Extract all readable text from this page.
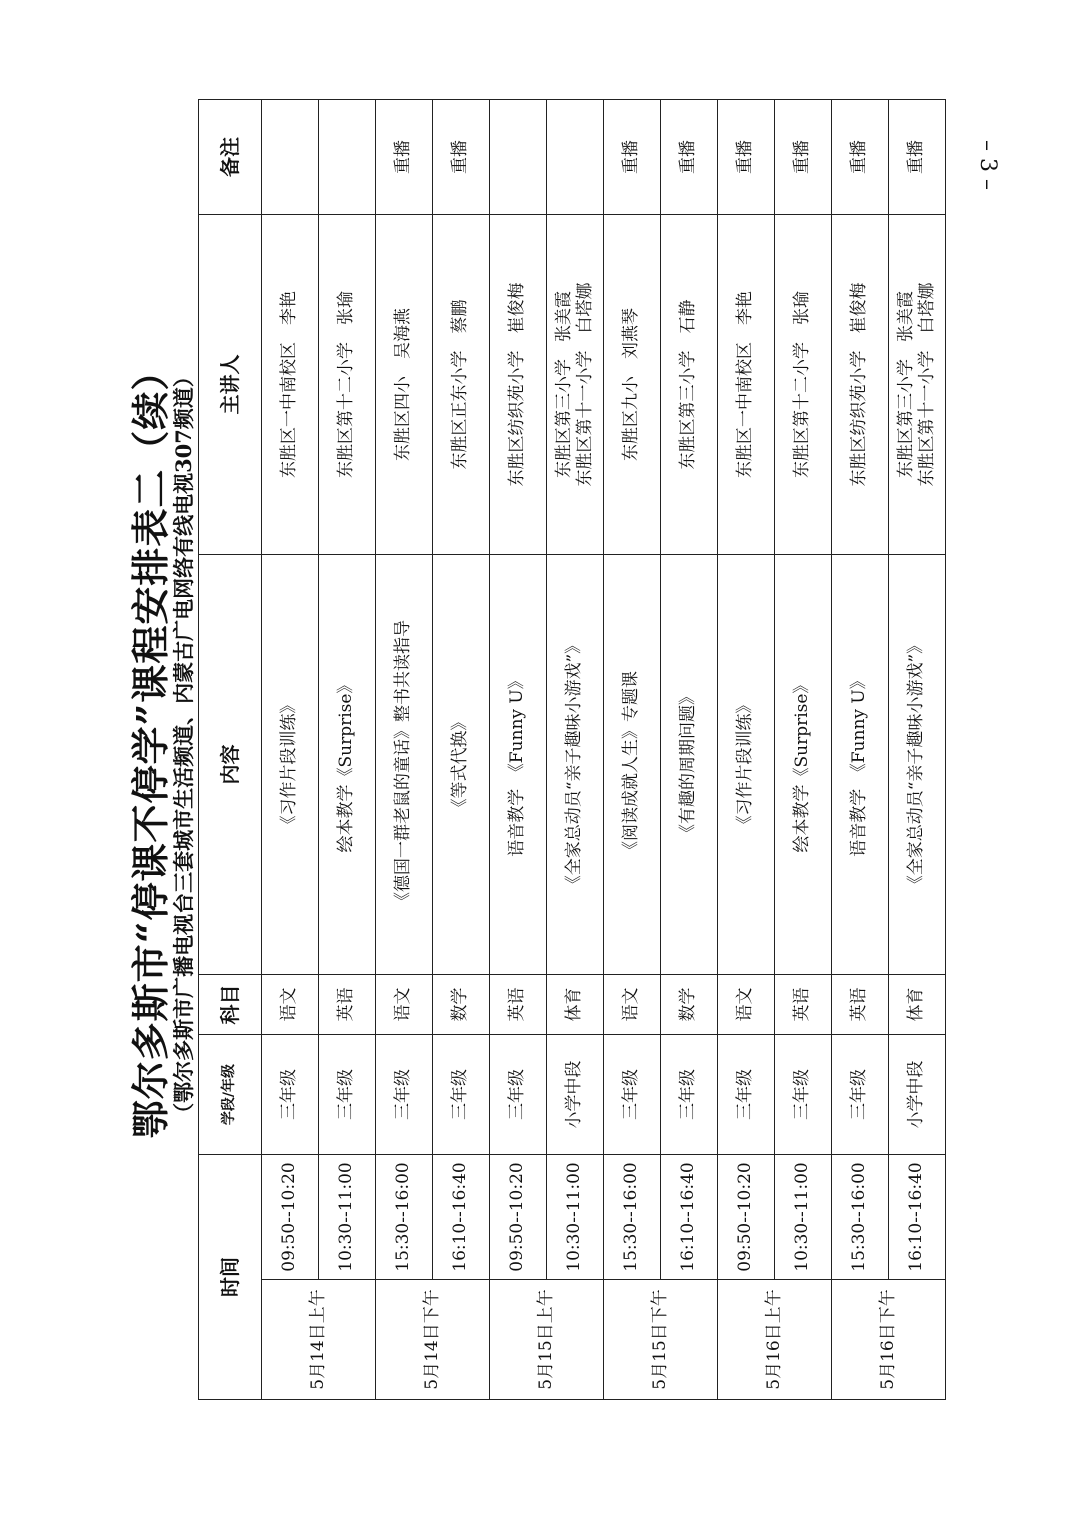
鄂尔多斯市“停课不停学”课程安排表二（续）
（鄂尔多斯市广播电视台三套城市生活频道、内蒙古广电网络有线电视307频道）
时间		学段/年级	科目	内容	主讲人	备注
5月14日上午	09:50--10:20	三年级	语文	《习作片段训练》	东胜区一中南校区　李艳	

	10:30--11:00	三年级	英语	绘本教学《Surprise》	东胜区第十二小学　张瑜	

5月14日下午	15:30--16:00	三年级	语文	《德国一群老鼠的童话》整书共读指导	东胜区四小　吴海燕	重播
	16:10--16:40	三年级	数学	《等式代换》	东胜区正东小学　蔡鹏	重播
5月15日上午	09:50--10:20	三年级	英语	语音教学　《Funny U》	东胜区纺织苑小学　崔俊梅	

	10:30--11:00	小学中段	体育	《全家总动员“亲子趣味小游戏”》	东胜区第三小学　张美霞 东胜区第十一小学　白塔娜	

5月15日下午	15:30--16:00	三年级	语文	《阅读成就人生》专题课	东胜区九小　刘燕琴	重播
	16:10--16:40	三年级	数学	《有趣的周期问题》	东胜区第三小学　石静	重播
5月16日上午	09:50--10:20	三年级	语文	《习作片段训练》	东胜区一中南校区　李艳	重播
	10:30--11:00	三年级	英语	绘本教学《Surprise》	东胜区第十二小学　张瑜	重播
5月16日下午	15:30--16:00	三年级	英语	语音教学　《Funny U》	东胜区纺织苑小学　崔俊梅	重播
	16:10--16:40	小学中段	体育	《全家总动员“亲子趣味小游戏”》	东胜区第三小学　张美霞 东胜区第十一小学　白塔娜	重播	– 3 –
